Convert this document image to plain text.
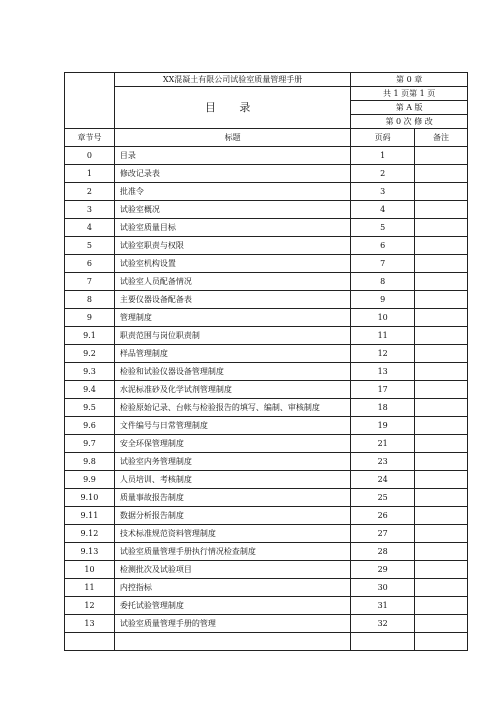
	XX混凝土有限公司试验室质量管理手册	第 0 章	
	目 录	共 1 页第 1 页	
		第 A 版	
		第 0 次 修 改	
章节号	标题	页码	备注
0	目录	1	
1	修改记录表	2	
2	批准令	3	
3	试验室概况	4	
4	试验室质量目标	5	
5	试验室职责与权限	6	
6	试验室机构设置	7	
7	试验室人员配备情况	8	
8	主要仪器设备配备表	9	
9	管理制度	10	
9.1	职责范围与岗位职责制	11	
9.2	样品管理制度	12	
9.3	检验和试验仪器设备管理制度	13	
9.4	水泥标准砂及化学试剂管理制度	17	
9.5	检验原始记录、台帐与检验报告的填写、编制、审核制度	18	
9.6	文件编号与日常管理制度	19	
9.7	安全环保管理制度	21	
9.8	试验室内务管理制度	23	
9.9	人员培训、考核制度	24	
9.10	质量事故报告制度	25	
9.11	数据分析报告制度	26	
9.12	技术标准规范资料管理制度	27	
9.13	试验室质量管理手册执行情况检查制度	28	
10	检测批次及试验项目	29	
11	内控指标	30	
12	委托试验管理制度	31	
13	试验室质量管理手册的管理	32	
